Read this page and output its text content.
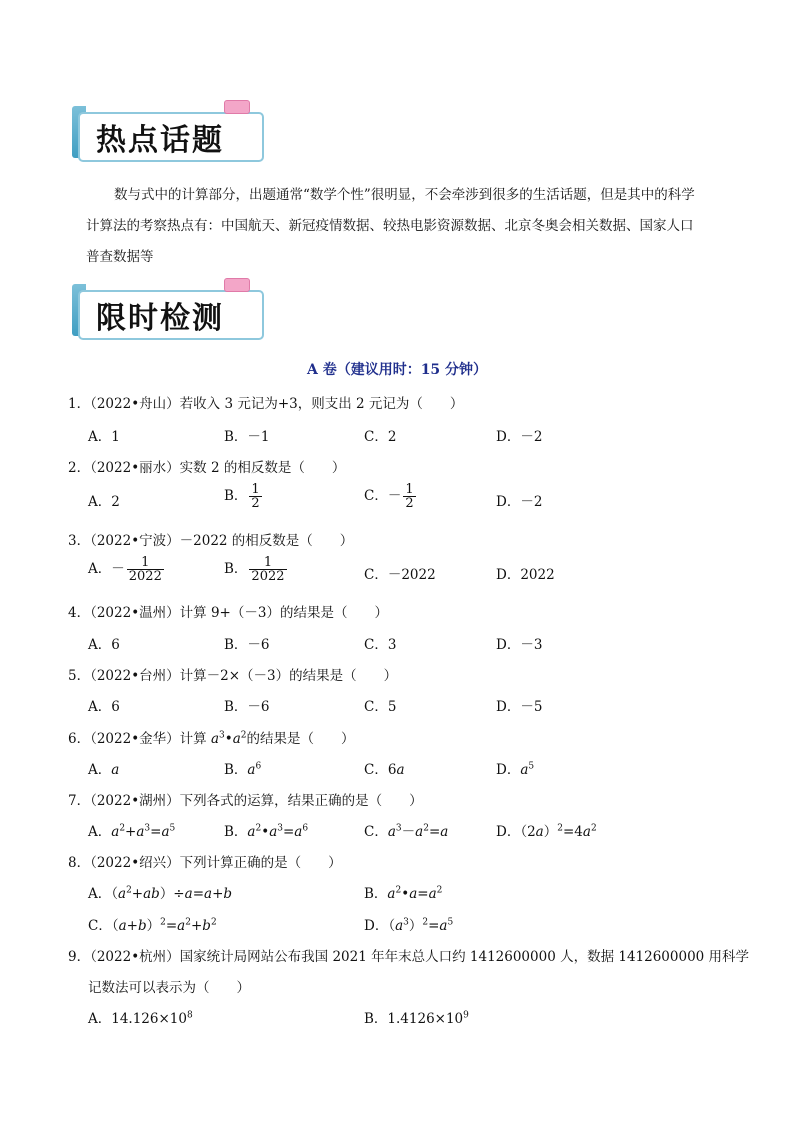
热点话题

数与式中的计算部分，出题通常“数学个性”很明显，不会牵涉到很多的生活话题，但是其中的科学

计算法的考察热点有：中国航天、新冠疫情数据、较热电影资源数据、北京冬奥会相关数据、国家人口

普查数据等

限时检测
A 卷（建议用时：15 分钟）
1．（2022•舟山）若收入 3 元记为+3，则支出 2 元记为（　　）
A．1	B．－1	C．2	D．－2
2．（2022•丽水）实数 2 的相反数是（　　）
A．2	B． $\frac{1}{2}$	C．－ $\frac{1}{2}$	D．－2
3．（2022•宁波）－2022 的相反数是（　　）
A．－ $\frac{1}{2022}$	B． $\frac{1}{2022}$	C．－2022	D．2022
4．（2022•温州）计算 9+（－3）的结果是（　　）
A．6	B．－6	C．3	D．－3
5．（2022•台州）计算－2×（－3）的结果是（　　）
A．6	B．－6	C．5	D．－5
6．（2022•金华）计算 $a^3•a^2$的结果是（　　）
A．a	B．$a^6$	C．6a	D．$a^5$
7．（2022•湖州）下列各式的运算，结果正确的是（　　）
A．$a^2+a^3=a^5$	B．$a^2•a^3=a^6$	C．$a^3-a^2=a$	D．$(2a)^2=4a^2$
8．（2022•绍兴）下列计算正确的是（　　）
A．$(a^2+ab)\div a=a+b$	B．$a^2•a=a^2$
C．$(a+b)^2=a^2+b^2$	D．$(a^3)^2=a^5$
9．（2022•杭州）国家统计局网站公布我国 2021 年年末总人口约 1412600000 人，数据 1412600000 用科学
记数法可以表示为（　　）
A．$14.126\times 10^8$	B．$1.4126\times 10^9$
